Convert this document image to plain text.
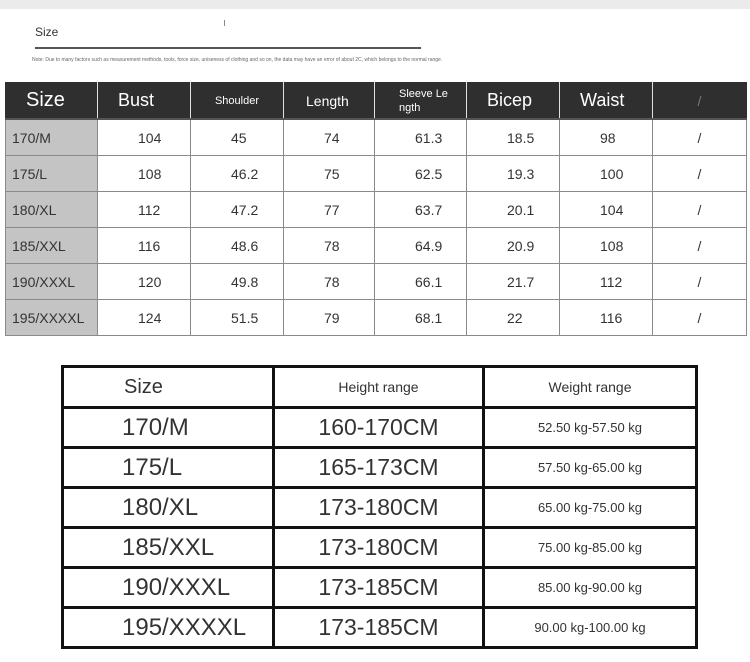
Size
Note: Due to many factors such as measurement methods, tools, force size, uniseness of clothing and so on, the data may have an error of about 2C, which belongs to the normal range.
Size	Bust	Shoulder	Length	Sleeve Le ngth	Bicep	Waist	/
170/M	104	45	74	61.3	18.5	98	/
175/L	108	46.2	75	62.5	19.3	100	/
180/XL	112	47.2	77	63.7	20.1	104	/
185/XXL	116	48.6	78	64.9	20.9	108	/
190/XXXL	120	49.8	78	66.1	21.7	112	/
195/XXXXL	124	51.5	79	68.1	22	116	/
Size	Height range	Weight range
170/M	160-170CM	52.50 kg-57.50 kg
175/L	165-173CM	57.50 kg-65.00 kg
180/XL	173-180CM	65.00 kg-75.00 kg
185/XXL	173-180CM	75.00 kg-85.00 kg
190/XXXL	173-185CM	85.00 kg-90.00 kg
195/XXXXL	173-185CM	90.00 kg-100.00 kg
